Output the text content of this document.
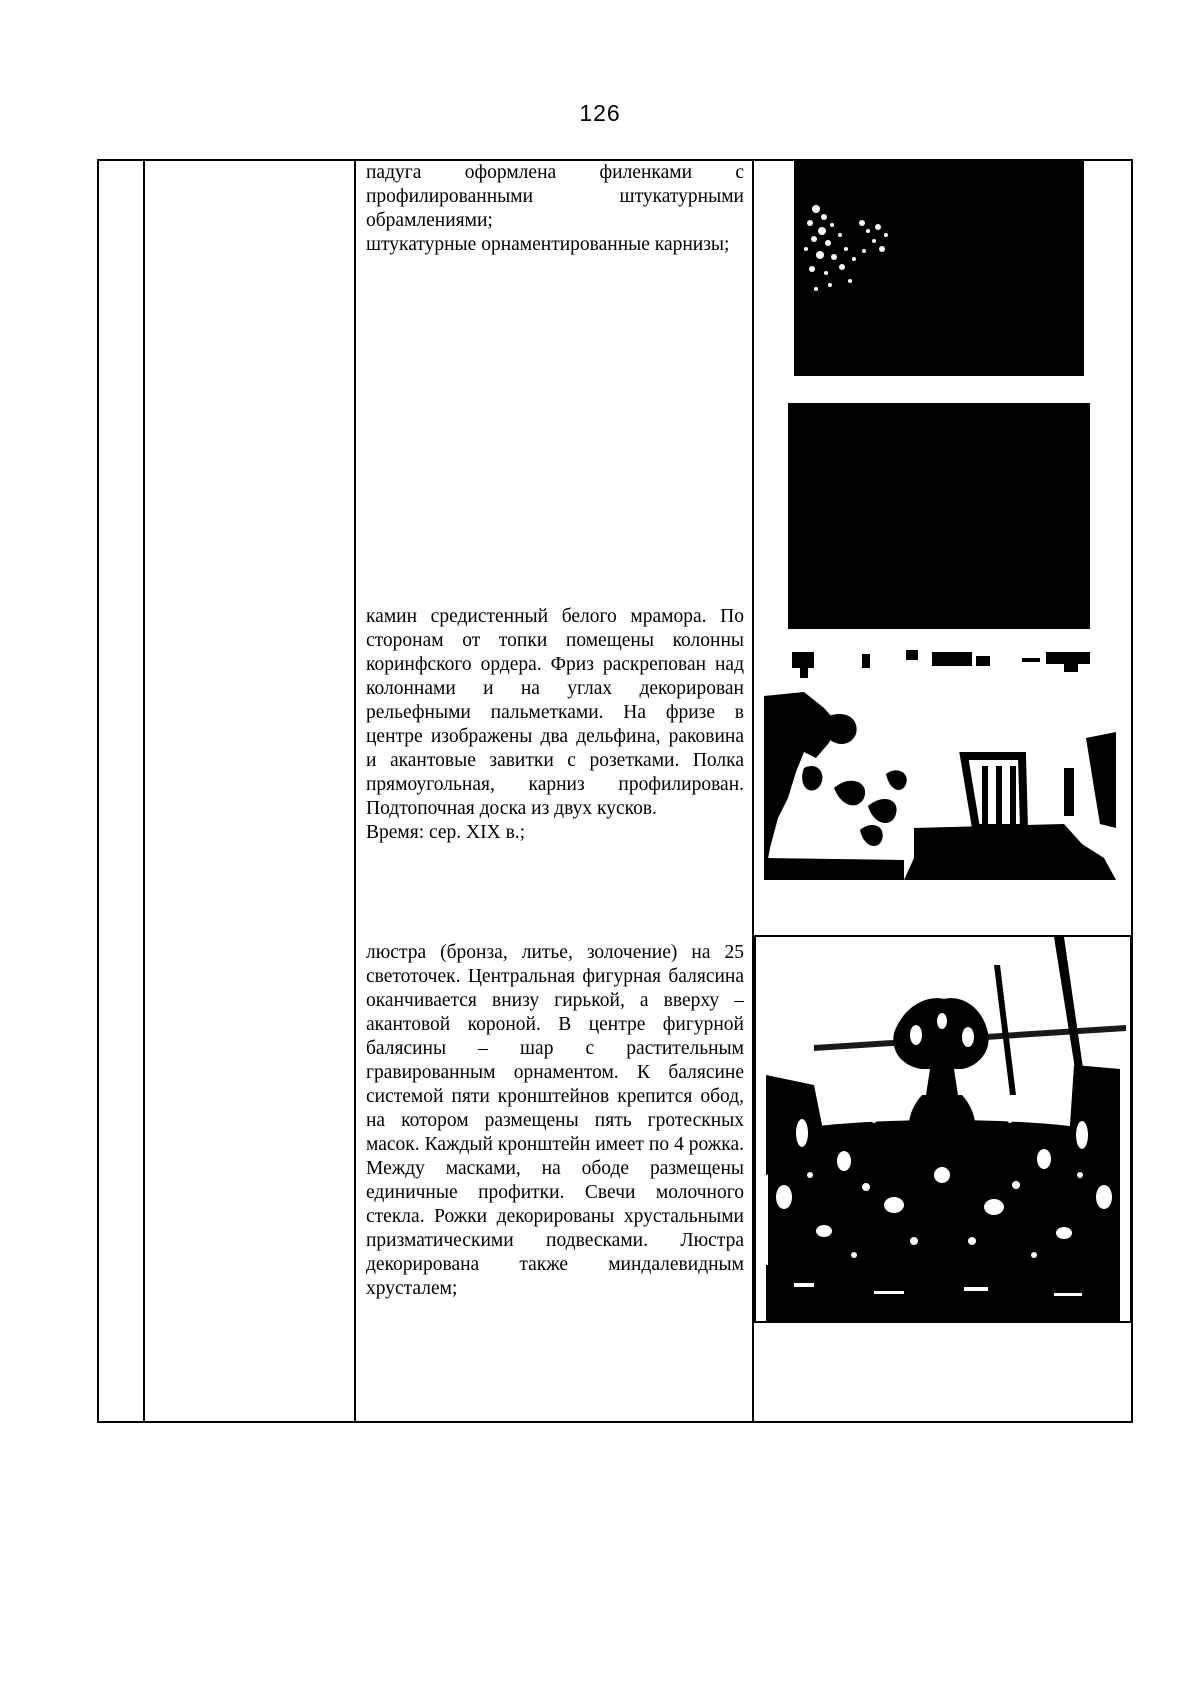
126

падуга оформлена филенками с профилированными штукатурными обрамлениями;

штукатурные орнаментированные карнизы;

камин средистенный белого мрамора. По сторонам от топки помещены колонны коринфского ордера. Фриз раскрепован над колоннами и на углах декорирован рельефными пальметками. На фризе в центре изображены два дельфина, раковина и акантовые завитки с розетками. Полка прямоугольная, карниз профилирован. Подтопочная доска из двух кусков.

Время: сер. XIX в.;

люстра (бронза, литье, золочение) на 25 светоточек. Центральная фигурная балясина оканчивается внизу гирькой, а вверху – акантовой короной. В центре фигурной балясины – шар с растительным гравированным орнаментом. К балясине системой пяти кронштейнов крепится обод, на котором размещены пять гротескных масок. Каждый кронштейн имеет по 4 рожка. Между масками, на ободе размещены единичные профитки. Свечи молочного стекла. Рожки декорированы хрустальными призматическими подвесками. Люстра декорирована также миндалевидным хрусталем;
